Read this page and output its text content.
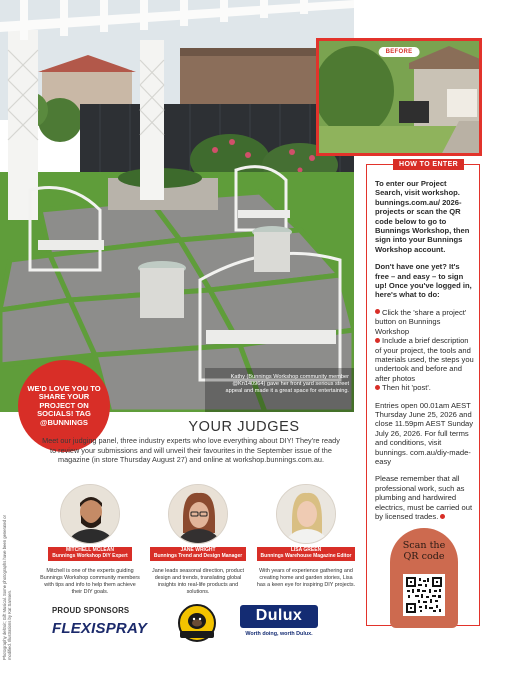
BEFORE
Kathy (Bunnings Workshop community member @Kn140964) gave her front yard serious street appeal and made it a great space for entertaining.
WE'D LOVE YOU TO SHARE YOUR PROJECT ON SOCIALS! TAG @BUNNINGS	YOUR JUDGES
Meet our judging panel, three industry experts who love everything about DIY! They're ready to review your submissions and will unveil their favourites in the September issue of the magazine (in store Thursday August 27) and online at workshop.bunnings.com.au.
MITCHELL MCLEAN
Bunnings Workshop DIY Expert
Mitchell is one of the experts guiding Bunnings Workshop community members with tips and info to help them achieve their DIY goals.
JANE WRIGHT
Bunnings Trend and Design Manager
Jane leads seasonal direction, product design and trends, translating global insights into real-life products and solutions.
LISA GREEN
Bunnings Warehouse Magazine Editor
With years of experience gathering and creating home and garden stories, Lisa has a keen eye for inspiring DIY projects.
PROUD SPONSORS
FLEXISPRAY
Dulux
Worth doing, worth Dulux.
Photography deltroit; Gift Musical. Some photographs have been generated or modified. Illustrations by Kat Samsen.
HOW TO ENTER

To enter our Project Search, visit workshop. bunnings.com.au/ 2026-projects or scan the QR code below to go to Bunnings Workshop, then sign into your Bunnings Workshop account.

Don't have one yet? It's free – and easy – to sign up! Once you've logged in, here's what to do:

Click the 'share a project' button on Bunnings Workshop
Include a brief description of your project, the tools and materials used, the steps you undertook and before and after photos
Then hit 'post'.

Entries open 00.01am AEST Thursday June 25, 2026 and close 11.59pm AEST Sunday July 26, 2026. For full terms and conditions, visit bunnings. com.au/diy-made-easy

Please remember that all professional work, such as plumbing and hardwired electrics, must be carried out by licensed trades.

Scan the
QR code
